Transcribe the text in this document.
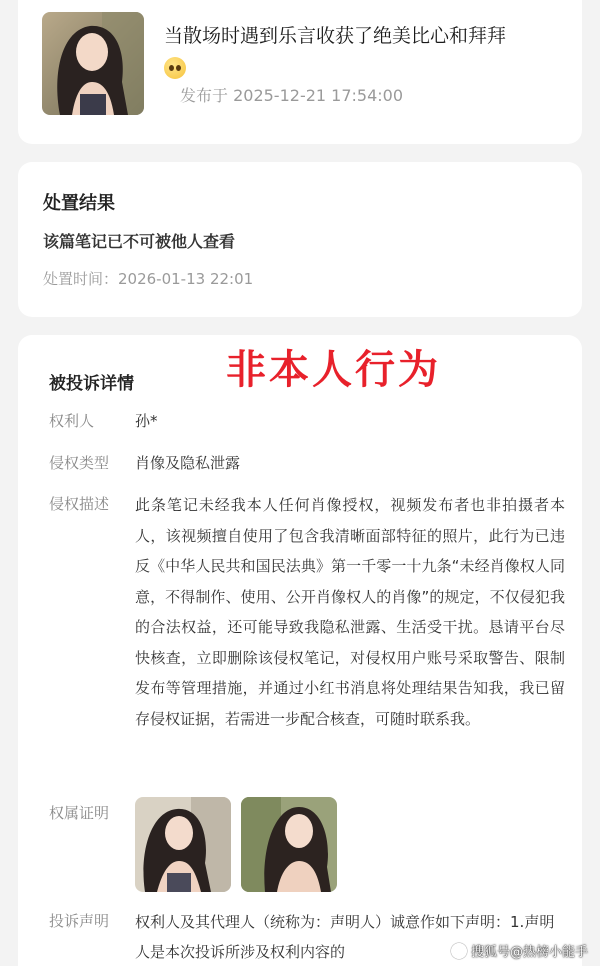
当散场时遇到乐言收获了绝美比心和拜拜

发布于 2025-12-21 17:54:00
处置结果
该篇笔记已不可被他人查看
处置时间：2026-01-13 22:01
被投诉详情
权利人	孙*
侵权类型 肖像及隐私泄露
侵权描述 此条笔记未经我本人任何肖像授权，视频发布者也非拍摄者本人，该视频擅自使用了包含我清晰面部特征的照片，此行为已违反《中华人民共和国民法典》第一千零一十九条“未经肖像权人同意，不得制作、使用、公开肖像权人的肖像”的规定，不仅侵犯我的合法权益，还可能导致我隐私泄露、生活受干扰。恳请平台尽快核查，立即删除该侵权笔记，对侵权用户账号采取警告、限制发布等管理措施，并通过小红书消息将处理结果告知我，我已留存侵权证据，若需进一步配合核查，可随时联系我。
权属证明
投诉声明 权利人及其代理人（统称为：声明人）诚意作如下声明：1.声明人是本次投诉所涉及权利内容的
非本人行为
搜狐号@热榜小能手
